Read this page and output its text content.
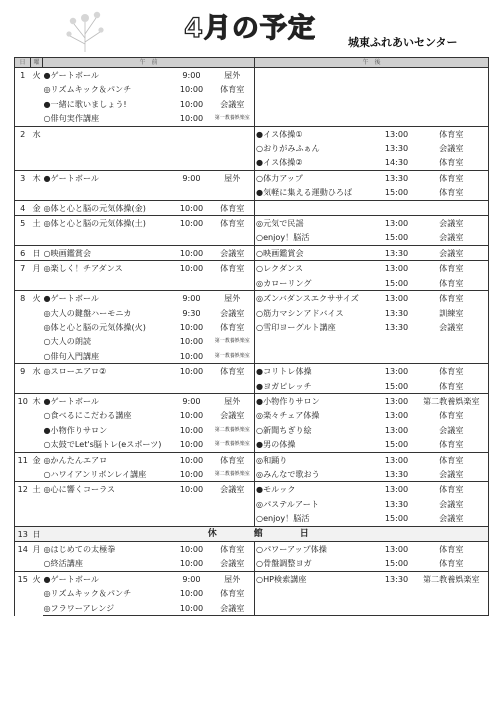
4月の予定	城東ふれあいセンター
日	曜	午　前			午　後		
1	火	●ゲートボール	9:00	屋外			
		◎リズムキック＆パンチ	10:00	体育室			
		●一緒に歌いましょう!	10:00	会議室			
		○俳句実作講座	10:00	第一教養娯楽室			
2	水				●イス体操①	13:00	体育室
					○おりがみふぁん	13:30	会議室
					●イス体操②	14:30	体育室
3	木	●ゲートボール	9:00	屋外	○体力アップ	13:30	体育室
					●気軽に集える運動ひろば	15:00	体育室
4	金	◎体と心と脳の元気体操(金)	10:00	体育室			
5	土	◎体と心と脳の元気体操(土)	10:00	体育室	◎元気で民謡	13:00	会議室
					○enjoy！脳活	15:00	会議室
6	日	○映画鑑賞会	10:00	会議室	○映画鑑賞会	13:30	会議室
7	月	◎楽しく！チアダンス	10:00	体育室	○レクダンス	13:00	体育室
					◎カローリング	15:00	体育室
8	火	●ゲートボール	9:00	屋外	◎ズンバダンスエクササイズ	13:00	体育室
		◎大人の鍵盤ハーモニカ	9:30	会議室	○筋力マシンアドバイス	13:30	訓練室
		◎体と心と脳の元気体操(火)	10:00	体育室	○雪印ヨーグルト講座	13:30	会議室
		○大人の朗読	10:00	第一教養娯楽室			
		○俳句入門講座	10:00	第一教養娯楽室			
9	水	◎スローエアロ②	10:00	体育室	●コリトレ体操	13:00	体育室
					●ヨガピレッチ	15:00	体育室
10	木	●ゲートボール	9:00	屋外	●小物作りサロン	13:00	第二教養娯楽室
		○食べるにこだわる講座	10:00	会議室	◎楽々チェア体操	13:00	体育室
		●小物作りサロン	10:00	第二教養娯楽室	○新聞ちぎり絵	13:00	会議室
		○太鼓でLet's脳トレ(eスポーツ)	10:00	第一教養娯楽室	●男の体操	15:00	体育室
11	金	◎かんたんエアロ	10:00	体育室	◎和踊り	13:00	体育室
		○ハワイアンリボンレイ講座	10:00	第二教養娯楽室	◎みんなで歌おう	13:30	会議室
12	土	◎心に響くコーラス	10:00	会議室	●モルック	13:00	体育室
					◎パステルアート	13:30	会議室
					○enjoy！脳活	15:00	会議室
13	日	休　館　日					
14	月	◎はじめての太極拳	10:00	体育室	○パワーアップ体操	13:00	体育室
		○終活講座	10:00	会議室	○骨盤調整ヨガ	15:00	体育室
15	火	●ゲートボール	9:00	屋外	○HP検索講座	13:30	第二教養娯楽室
		◎リズムキック＆パンチ	10:00	体育室			
		◎フラワーアレンジ	10:00	会議室			
